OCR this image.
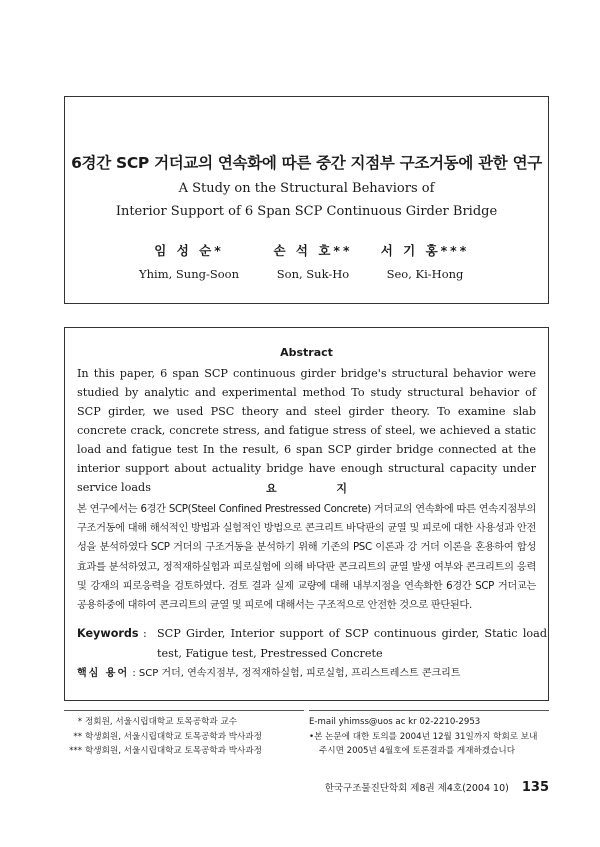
6경간 SCP 거더교의 연속화에 따른 중간 지점부 구조거동에 관한 연구
A Study on the Structural Behaviors of
Interior Support of 6 Span SCP Continuous Girder Bridge
임 성 순*
Yhim, Sung-Soon
손 석 호**
Son, Suk-Ho
서 기 홍***
Seo, Ki-Hong
Abstract
In this paper, 6 span SCP continuous girder bridge's structural behavior were studied by analytic and experimental method To study structural behavior of SCP girder, we used PSC theory and steel girder theory. To examine slab concrete crack, concrete stress, and fatigue stress of steel, we achieved a static load and fatigue test In the result, 6 span SCP girder bridge connected at the interior support about actuality bridge have enough structural capacity under service loads	요 지
본 연구에서는 6경간 SCP(Steel Confined Prestressed Concrete) 거더교의 연속화에 따른 연속지점부의 구조거동에 대해 해석적인 방법과 실험적인 방법으로 콘크리트 바닥판의 균열 및 피로에 대한 사용성과 안전성을 분석하였다 SCP 거더의 구조거동을 분석하기 위해 기존의 PSC 이론과 강 거더 이론을 혼용하여 합성효과를 분석하였고, 정적재하실험과 피로실험에 의해 바닥판 콘크리트의 균열 발생 여부와 콘크리트의 응력 및 강재의 피로응력을 검토하였다. 검토 결과 실제 교량에 대해 내부지점을 연속화한 6경간 SCP 거더교는 공용하중에 대하여 콘크리트의 균열 및 피로에 대해서는 구조적으로 안전한 것으로 판단된다.
Keywords : SCP Girder, Interior support of SCP continuous girder, Static load test, Fatigue test, Prestressed Concrete
핵심 용어 : SCP 거더, 연속지점부, 정적재하실험, 피로실험, 프리스트레스트 콘크리트
* 정회원, 서울시립대학교 토목공학과 교수
** 학생회원, 서울시립대학교 토목공학과 박사과정
*** 학생회원, 서울시립대학교 토목공학과 박사과정
E-mail yhimss@uos ac kr 02-2210-2953
•본 논문에 대한 토의를 2004년 12월 31일까지 학회로 보내
주시면 2005년 4월호에 토론결과를 게재하겠습니다
한국구조물진단학회 제8권 제4호(2004 10) 135
